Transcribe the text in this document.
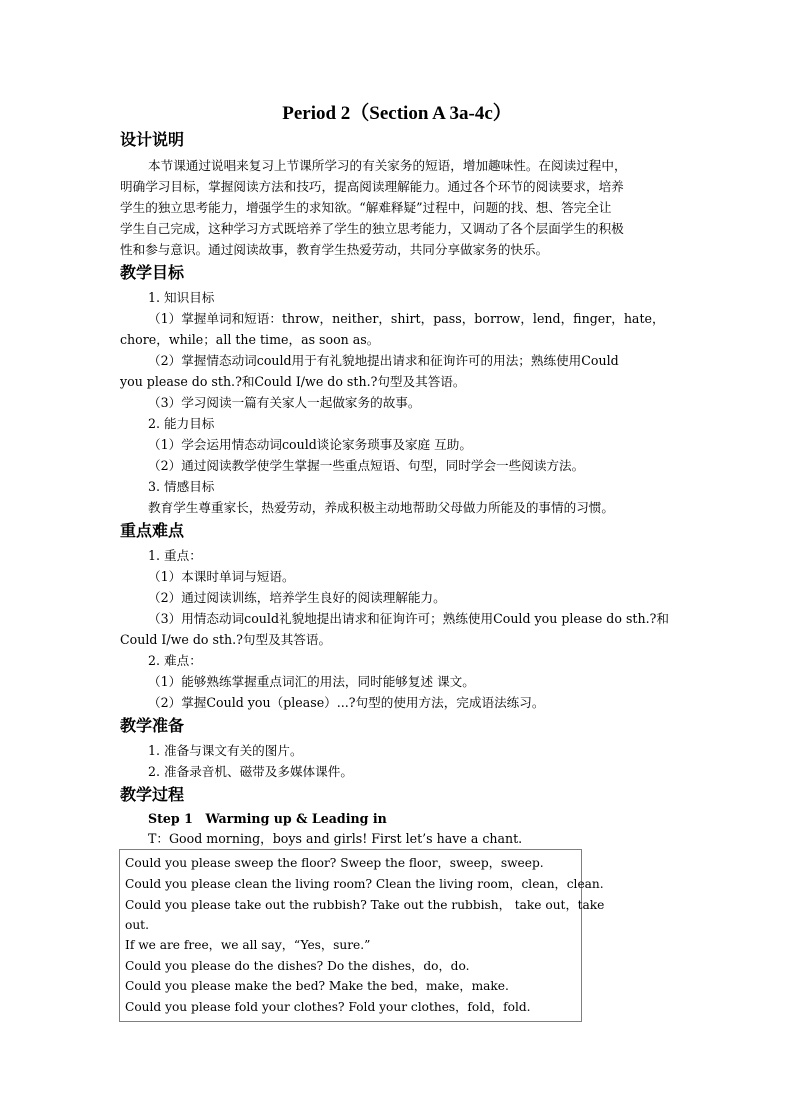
Period 2（Section A 3a-4c）
设计说明
本节课通过说唱来复习上节课所学习的有关家务的短语，增加趣味性。在阅读过程中，
明确学习目标，掌握阅读方法和技巧，提高阅读理解能力。通过各个环节的阅读要求，培养
学生的独立思考能力，增强学生的求知欲。“解难释疑”过程中，问题的找、想、答完全让
学生自己完成，这种学习方式既培养了学生的独立思考能力，又调动了各个层面学生的积极
性和参与意识。通过阅读故事，教育学生热爱劳动，共同分享做家务的快乐。
教学目标
1. 知识目标
（1）掌握单词和短语：throw，neither，shirt，pass，borrow，lend，finger，hate，
chore，while；all the time，as soon as。
（2）掌握情态动词could用于有礼貌地提出请求和征询许可的用法；熟练使用Could
you please do sth.?和Could I/we do sth.?句型及其答语。
（3）学习阅读一篇有关家人一起做家务的故事。
2. 能力目标
（1）学会运用情态动词could谈论家务琐事及家庭 互助。
（2）通过阅读教学使学生掌握一些重点短语、句型，同时学会一些阅读方法。
3. 情感目标
教育学生尊重家长，热爱劳动，养成积极主动地帮助父母做力所能及的事情的习惯。
重点难点
1. 重点：
（1）本课时单词与短语。
（2）通过阅读训练，培养学生良好的阅读理解能力。
（3）用情态动词could礼貌地提出请求和征询许可；熟练使用Could you please do sth.?和
Could I/we do sth.?句型及其答语。
2. 难点：
（1）能够熟练掌握重点词汇的用法，同时能够复述 课文。
（2）掌握Could you（please）...?句型的使用方法，完成语法练习。
教学准备
1. 准备与课文有关的图片。
2. 准备录音机、磁带及多媒体课件。
教学过程
Step 1　Warming up & Leading in
T：Good morning，boys and girls! First let’s have a chant.
Could you please sweep the floor? Sweep the floor，sweep，sweep.
Could you please clean the living room? Clean the living room，clean，clean.
Could you please take out the rubbish? Take out the rubbish， take out，take
out.
If we are free，we all say，“Yes，sure.”
Could you please do the dishes? Do the dishes，do，do.
Could you please make the bed? Make the bed，make，make.
Could you please fold your clothes? Fold your clothes，fold，fold.
